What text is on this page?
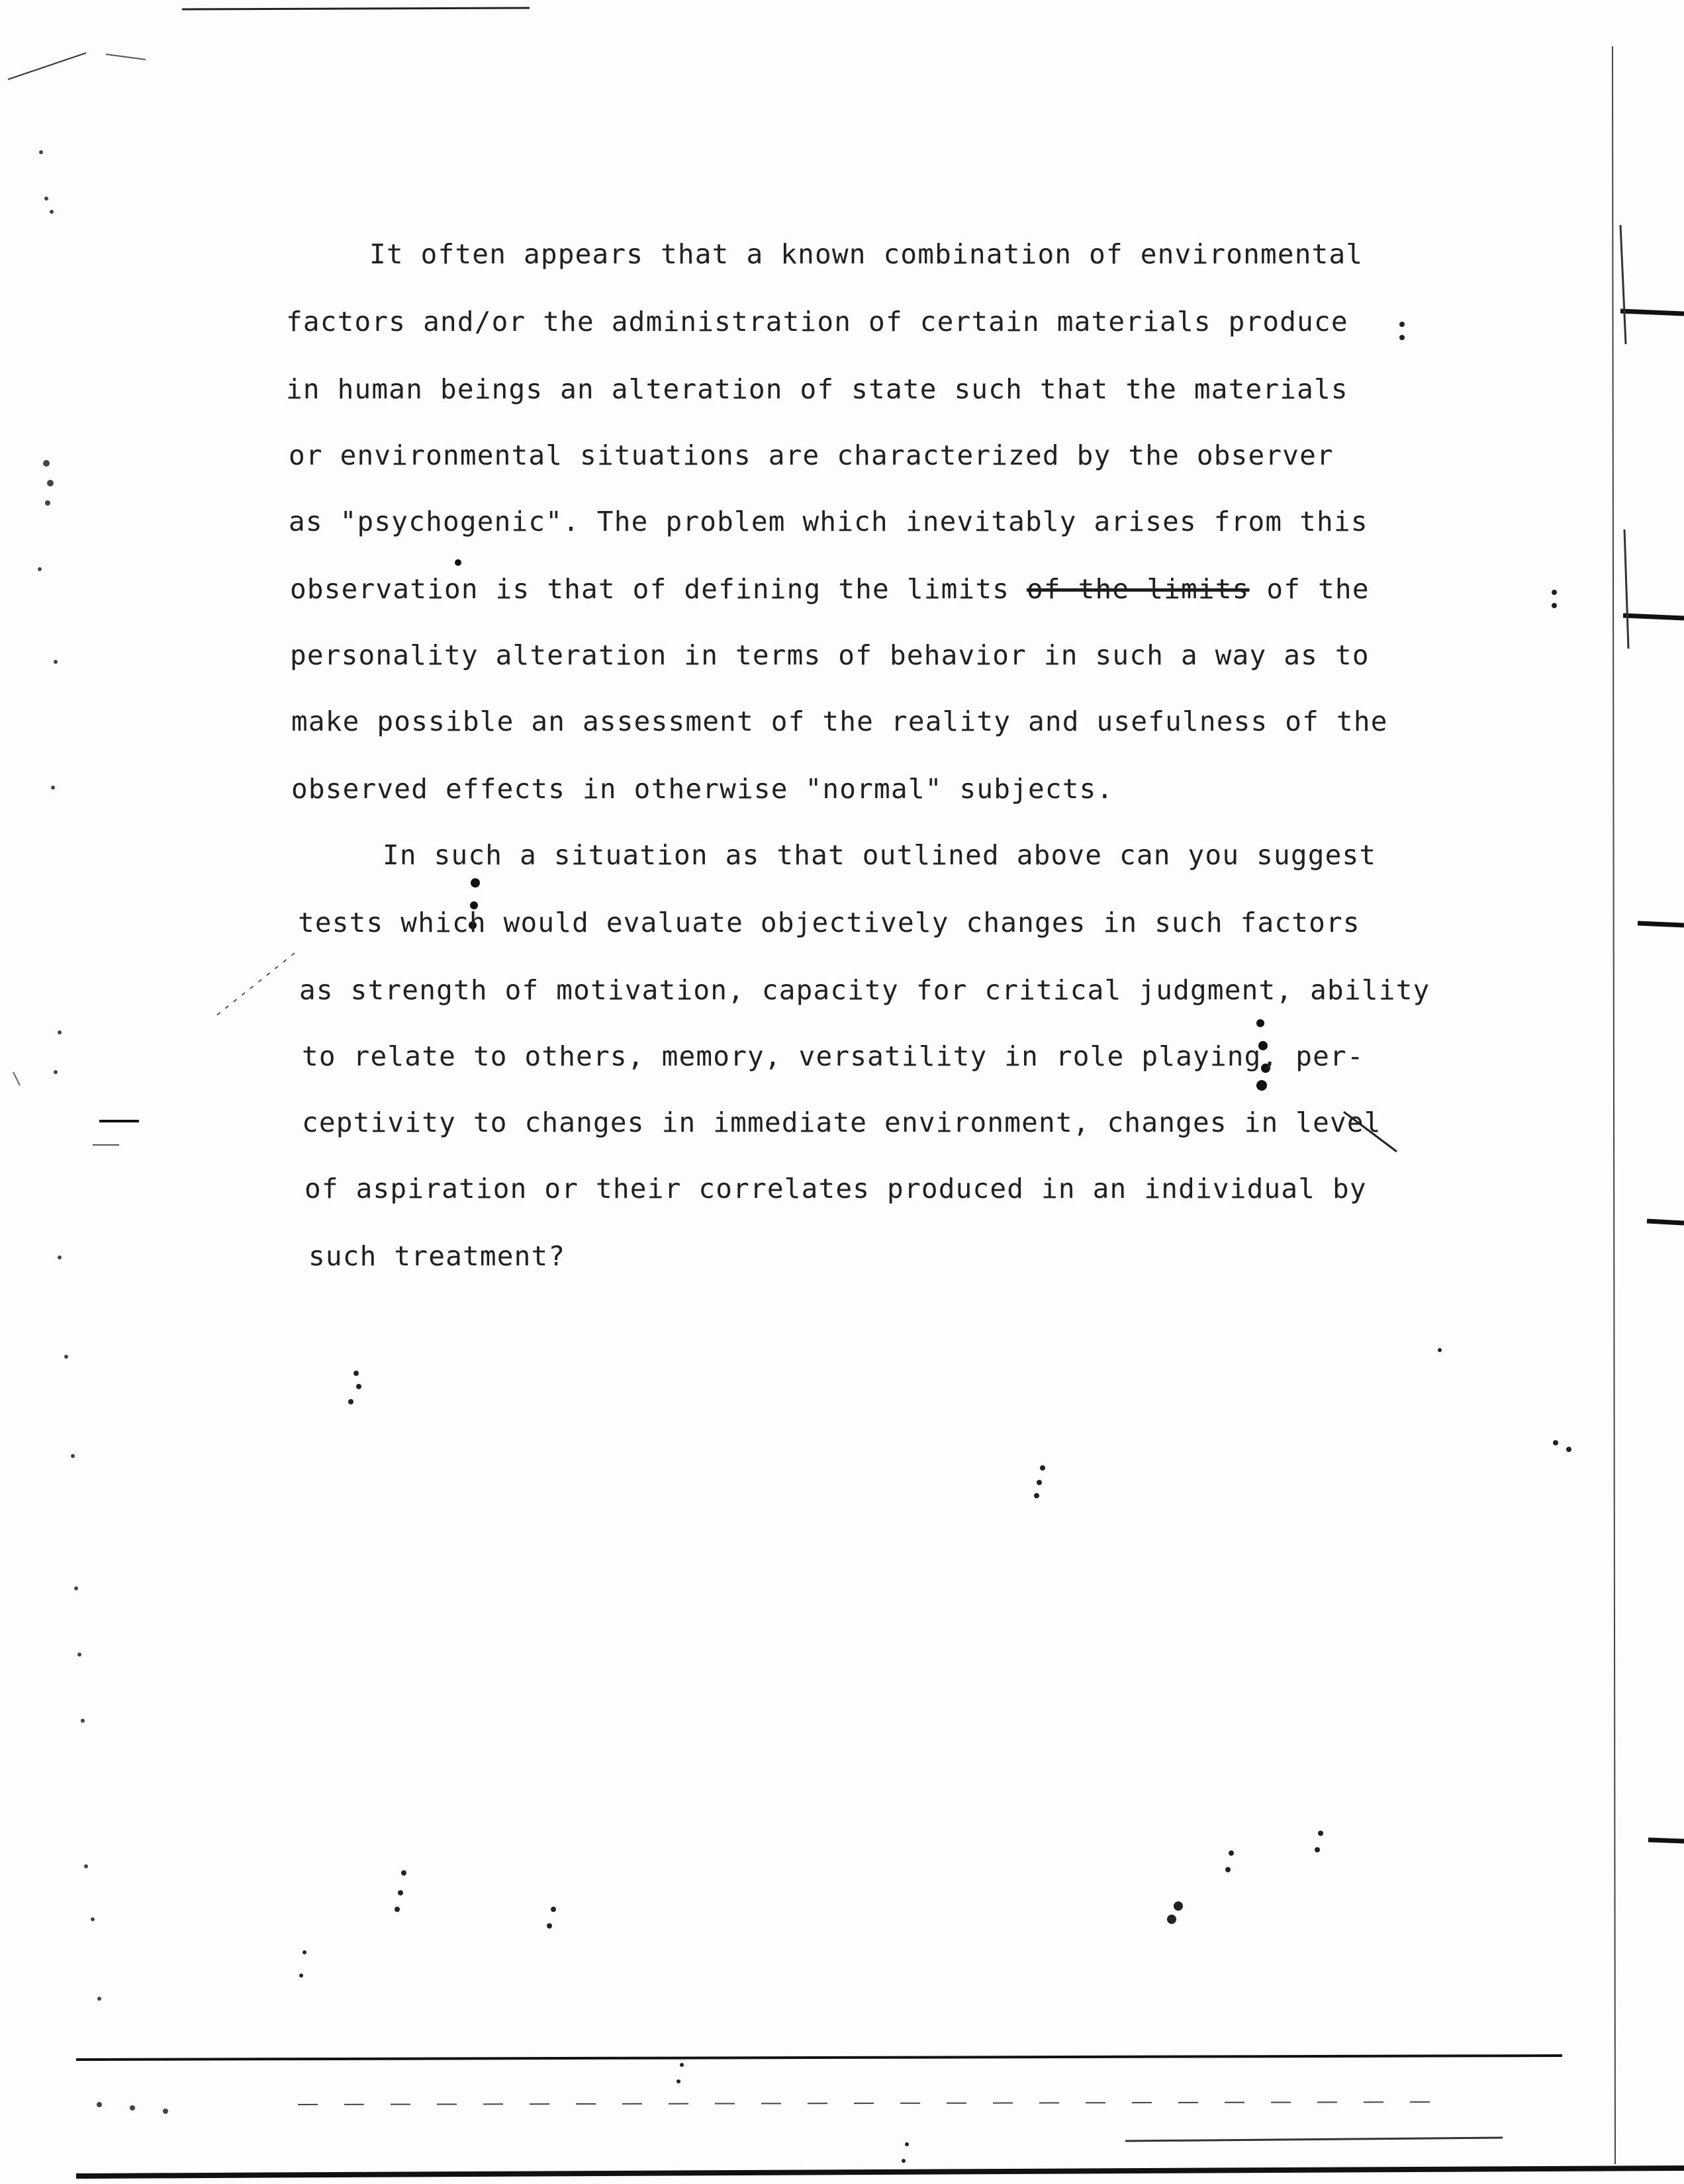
It often appears that a known combination of environmental
factors and/or the administration of certain materials produce
in human beings an alteration of state such that the materials
or environmental situations are characterized by the observer
as "psychogenic". The problem which inevitably arises from this
observation is that of defining the limits of the limits of the
personality alteration in terms of behavior in such a way as to
make possible an assessment of the reality and usefulness of the
observed effects in otherwise "normal" subjects.
In such a situation as that outlined above can you suggest
tests which would evaluate objectively changes in such factors
as strength of motivation, capacity for critical judgment, ability
to relate to others, memory, versatility in role playing, per-
ceptivity to changes in immediate environment, changes in level
of aspiration or their correlates produced in an individual by
such treatment?
